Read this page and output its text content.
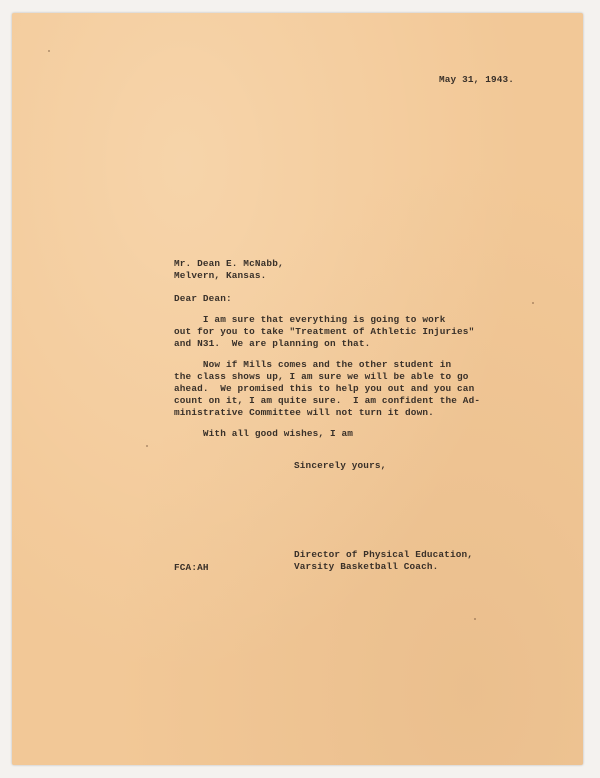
May 31, 1943.

Mr. Dean E. McNabb,

Melvern, Kansas.

Dear Dean:

I am sure that everything is going to work

out for you to take "Treatment of Athletic Injuries"

and N31.  We are planning on that.

Now if Mills comes and the other student in

the class shows up, I am sure we will be able to go

ahead.  We promised this to help you out and you can

count on it, I am quite sure.  I am confident the Ad-

ministrative Committee will not turn it down.

With all good wishes, I am

Sincerely yours,

Director of Physical Education,

Varsity Basketball Coach.

FCA:AH
